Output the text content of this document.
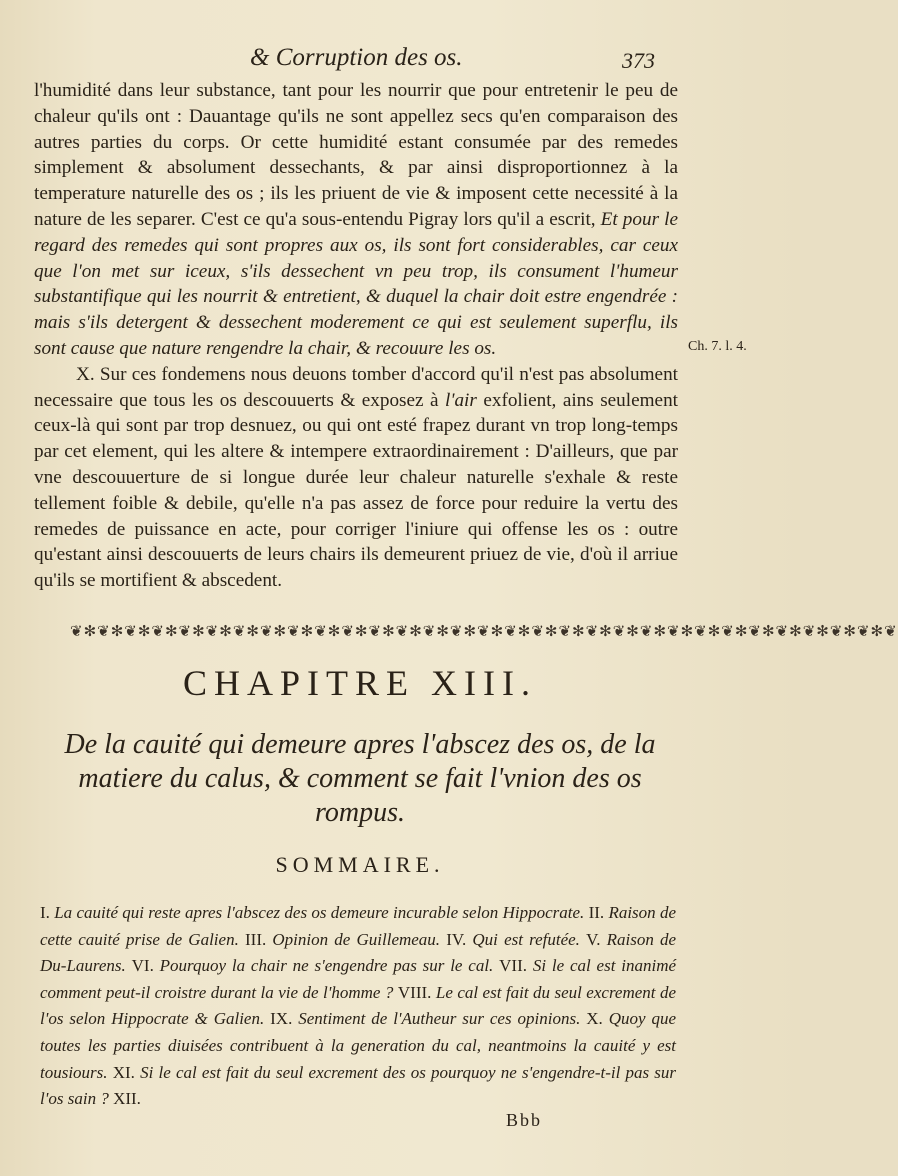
& Corruption des os.	373

l'humidité dans leur substance, tant pour les nourrir que pour entretenir le peu de chaleur qu'ils ont : Dauantage qu'ils ne sont appellez secs qu'en comparaison des autres parties du corps. Or cette humidité estant consumée par des remedes simplement & absolument dessechants, & par ainsi disproportionnez à la temperature naturelle des os ; ils les priuent de vie & imposent cette necessité à la nature de les separer. C'est ce qu'a sous-entendu Pigray lors qu'il a escrit, Et pour le regard des remedes qui sont propres aux os, ils sont fort considerables, car ceux que l'on met sur iceux, s'ils dessechent vn peu trop, ils consument l'humeur substantifique qui les nourrit & entretient, & duquel la chair doit estre engendrée : mais s'ils detergent & dessechent moderement ce qui est seulement superflu, ils sont cause que nature rengendre la chair, & recouure les os.

X. Sur ces fondemens nous deuons tomber d'accord qu'il n'est pas absolument necessaire que tous les os descouuerts & exposez à l'air exfolient, ains seulement ceux-là qui sont par trop desnuez, ou qui ont esté frapez durant vn trop long-temps par cet element, qui les altere & intempere extraordinairement : D'ailleurs, que par vne descouuerture de si longue durée leur chaleur naturelle s'exhale & reste tellement foible & debile, qu'elle n'a pas assez de force pour reduire la vertu des remedes de puissance en acte, pour corriger l'iniure qui offense les os : outre qu'estant ainsi descouuerts de leurs chairs ils demeurent priuez de vie, d'où il arriue qu'ils se mortifient & abscedent.

Ch. 7. l. 4.
❦✻❦✻❦✻❦✻❦✻❦✻❦✻❦✻❦✻❦✻❦✻❦✻❦✻❦✻❦✻❦✻❦✻❦✻❦✻❦✻❦✻❦✻❦✻❦✻❦✻❦✻❦✻❦✻❦✻❦✻❦
CHAPITRE XIII.
De la cauité qui demeure apres l'abscez des os, de la matiere du calus, & comment se fait l'vnion des os rompus.
SOMMAIRE.
I. La cauité qui reste apres l'abscez des os demeure incurable selon Hippocrate. II. Raison de cette cauité prise de Galien. III. Opinion de Guillemeau. IV. Qui est refutée. V. Raison de Du-Laurens. VI. Pourquoy la chair ne s'engendre pas sur le cal. VII. Si le cal est inanimé comment peut-il croistre durant la vie de l'homme ? VIII. Le cal est fait du seul excrement de l'os selon Hippocrate & Galien. IX. Sentiment de l'Autheur sur ces opinions. X. Quoy que toutes les parties diuisées contribuent à la generation du cal, neantmoins la cauité y est tousiours. XI. Si le cal est fait du seul excrement des os pourquoy ne s'engendre-t-il pas sur l'os sain ? XII.
Bbb
